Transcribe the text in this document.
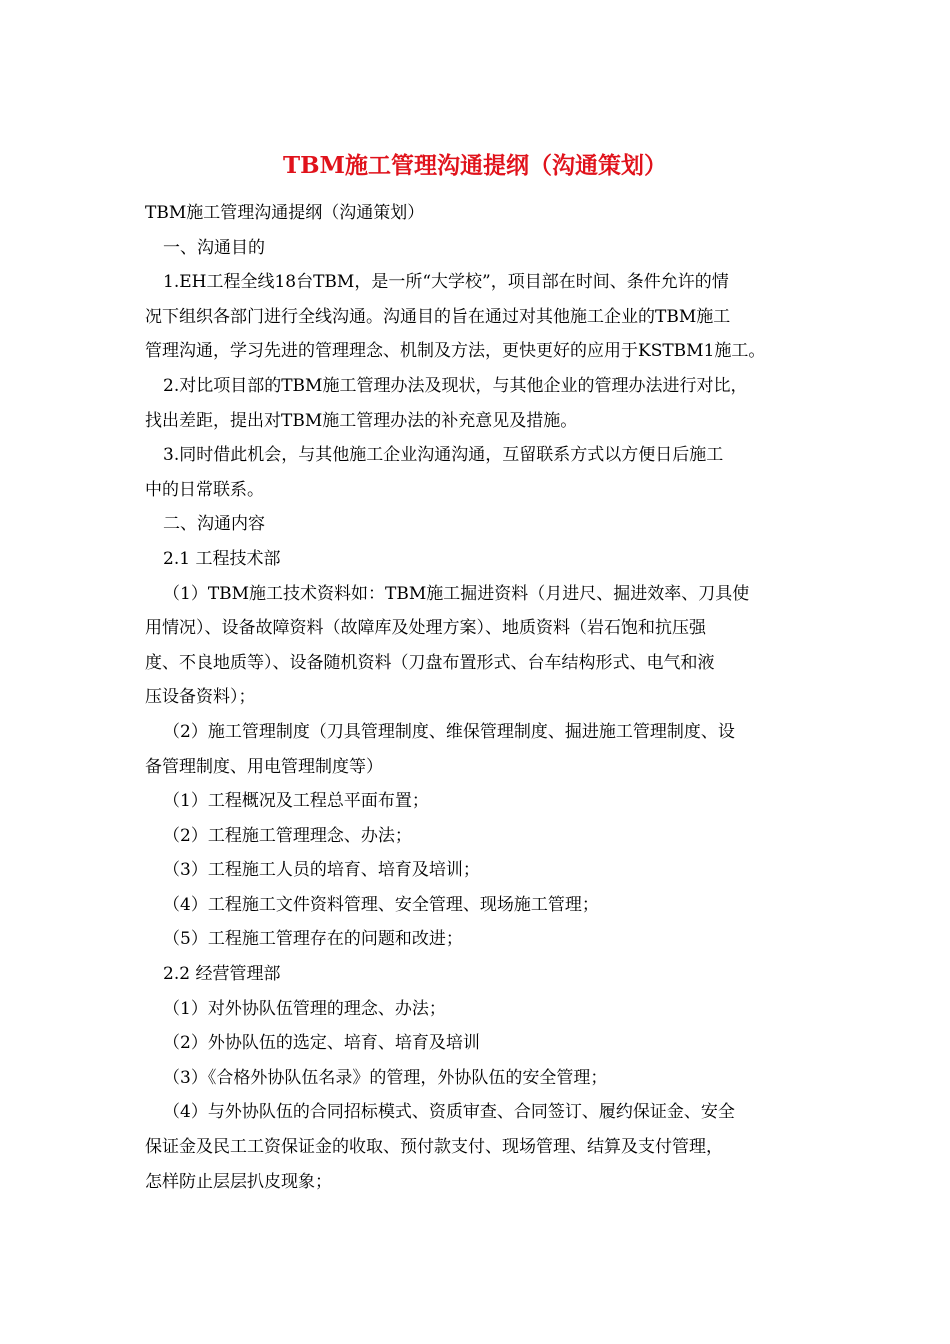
TBM施工管理沟通提纲（沟通策划）

TBM施工管理沟通提纲（沟通策划）

一、沟通目的

1.EH工程全线18台TBM，是一所“大学校”，项目部在时间、条件允许的情

况下组织各部门进行全线沟通。沟通目的旨在通过对其他施工企业的TBM施工

管理沟通，学习先进的管理理念、机制及方法，更快更好的应用于KSTBM1施工。

2.对比项目部的TBM施工管理办法及现状，与其他企业的管理办法进行对比，

找出差距，提出对TBM施工管理办法的补充意见及措施。

3.同时借此机会，与其他施工企业沟通沟通，互留联系方式以方便日后施工

中的日常联系。

二、沟通内容

2.1 工程技术部

（1）TBM施工技术资料如：TBM施工掘进资料（月进尺、掘进效率、刀具使

用情况）、设备故障资料（故障库及处理方案）、地质资料（岩石饱和抗压强

度、不良地质等）、设备随机资料（刀盘布置形式、台车结构形式、电气和液

压设备资料）；

（2）施工管理制度（刀具管理制度、维保管理制度、掘进施工管理制度、设

备管理制度、用电管理制度等）

（1）工程概况及工程总平面布置；

（2）工程施工管理理念、办法；

（3）工程施工人员的培育、培育及培训；

（4）工程施工文件资料管理、安全管理、现场施工管理；

（5）工程施工管理存在的问题和改进；

2.2 经营管理部

（1）对外协队伍管理的理念、办法；

（2）外协队伍的选定、培育、培育及培训

（3）《合格外协队伍名录》的管理，外协队伍的安全管理；

（4）与外协队伍的合同招标模式、资质审查、合同签订、履约保证金、安全

保证金及民工工资保证金的收取、预付款支付、现场管理、结算及支付管理，

怎样防止层层扒皮现象；
